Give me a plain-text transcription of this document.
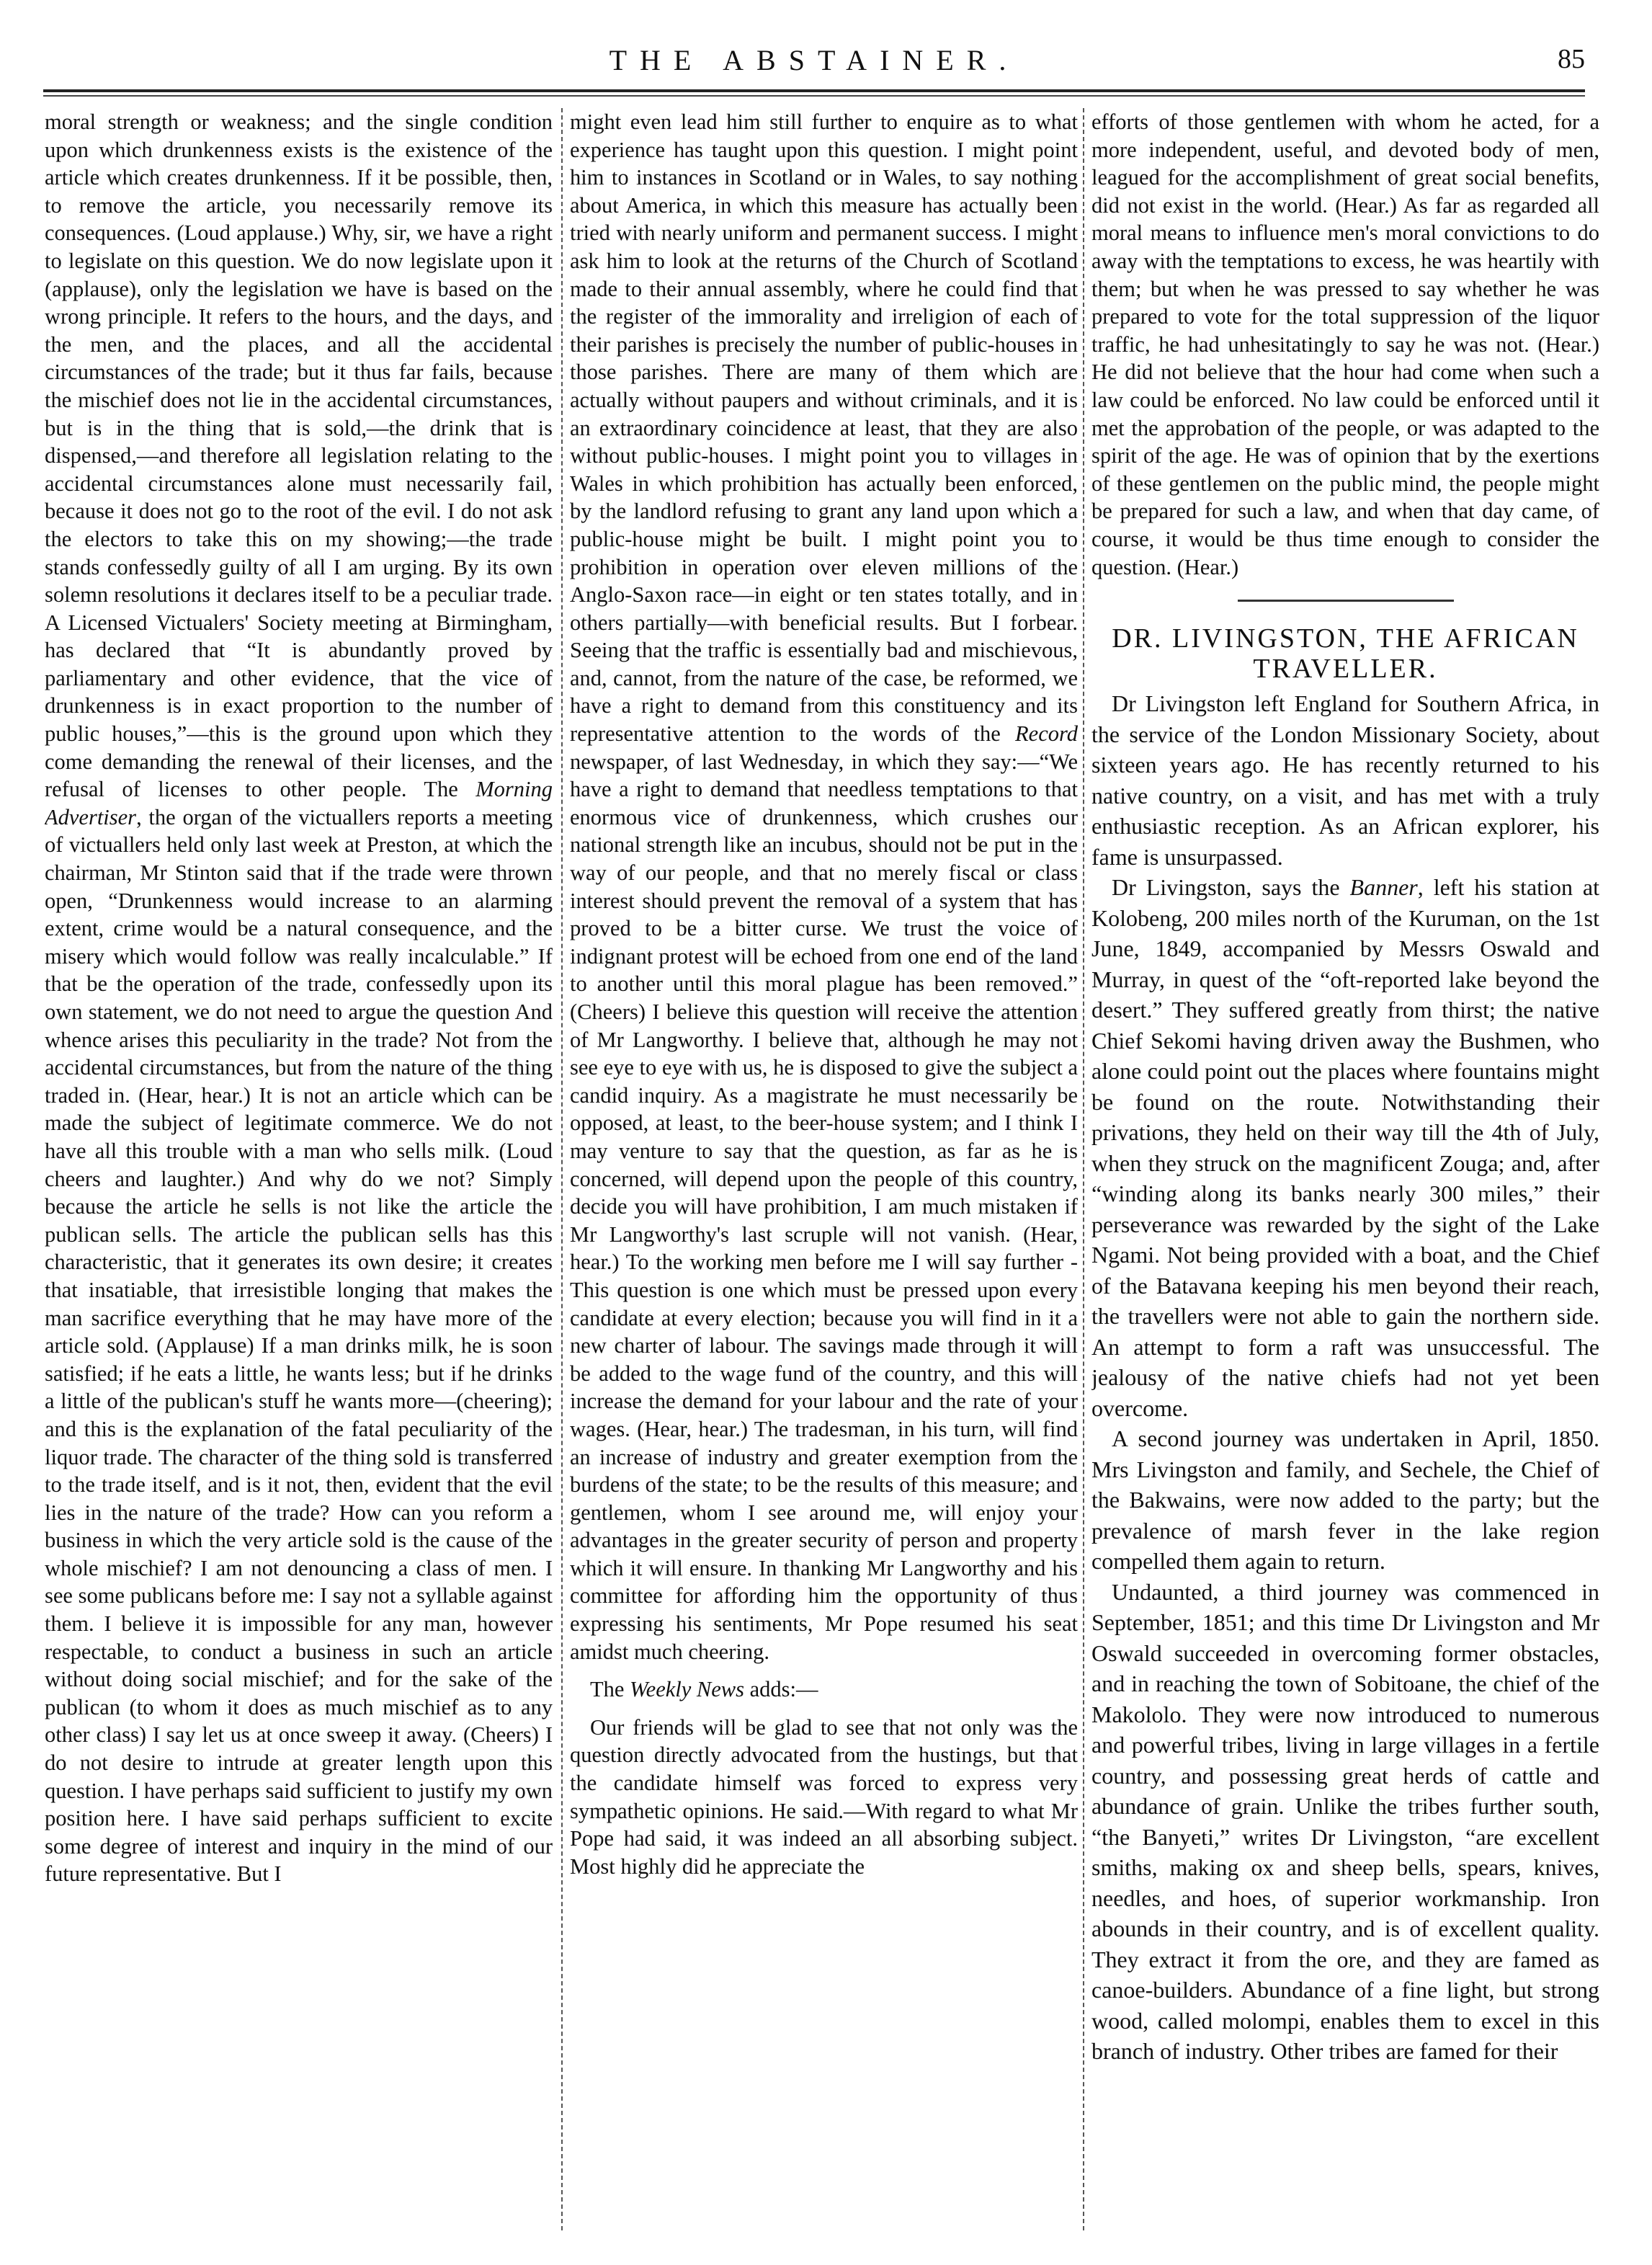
THE ABSTAINER.	85

moral strength or weakness; and the single condition upon which drunkenness exists is the existence of the article which creates drunkenness. If it be possible, then, to remove the article, you necessarily remove its consequences. (Loud applause.) Why, sir, we have a right to legislate on this question. We do now legislate upon it (applause), only the legislation we have is based on the wrong principle. It refers to the hours, and the days, and the men, and the places, and all the accidental circumstances of the trade; but it thus far fails, because the mischief does not lie in the accidental circumstances, but is in the thing that is sold,—the drink that is dispensed,—and therefore all legislation relating to the accidental circumstances alone must necessarily fail, because it does not go to the root of the evil. I do not ask the electors to take this on my showing;—the trade stands confessedly guilty of all I am urging. By its own solemn resolutions it declares itself to be a peculiar trade. A Licensed Victualers' Society meeting at Birmingham, has declared that “It is abundantly proved by parliamentary and other evidence, that the vice of drunkenness is in exact proportion to the number of public houses,”—this is the ground upon which they come demanding the renewal of their licenses, and the refusal of licenses to other people. The Morning Advertiser, the organ of the victuallers reports a meeting of victuallers held only last week at Preston, at which the chairman, Mr Stinton said that if the trade were thrown open, “Drunkenness would increase to an alarming extent, crime would be a natural consequence, and the misery which would follow was really incalculable.” If that be the operation of the trade, confessedly upon its own statement, we do not need to argue the question And whence arises this peculiarity in the trade? Not from the accidental circumstances, but from the nature of the thing traded in. (Hear, hear.) It is not an article which can be made the subject of legitimate commerce. We do not have all this trouble with a man who sells milk. (Loud cheers and laughter.) And why do we not? Simply because the article he sells is not like the article the publican sells. The article the publican sells has this characteristic, that it generates its own desire; it creates that insatiable, that irresistible longing that makes the man sacrifice everything that he may have more of the article sold. (Applause) If a man drinks milk, he is soon satisfied; if he eats a little, he wants less; but if he drinks a little of the publican's stuff he wants more—(cheering); and this is the explanation of the fatal peculiarity of the liquor trade. The character of the thing sold is transferred to the trade itself, and is it not, then, evident that the evil lies in the nature of the trade? How can you reform a business in which the very article sold is the cause of the whole mischief? I am not denouncing a class of men. I see some publicans before me: I say not a syllable against them. I believe it is impossible for any man, however respectable, to conduct a business in such an article without doing social mischief; and for the sake of the publican (to whom it does as much mischief as to any other class) I say let us at once sweep it away. (Cheers) I do not desire to intrude at greater length upon this question. I have perhaps said sufficient to justify my own position here. I have said perhaps sufficient to excite some degree of interest and inquiry in the mind of our future representative. But I

might even lead him still further to enquire as to what experience has taught upon this question. I might point him to instances in Scotland or in Wales, to say nothing about America, in which this measure has actually been tried with nearly uniform and permanent success. I might ask him to look at the returns of the Church of Scotland made to their annual assembly, where he could find that the register of the immorality and irreligion of each of their parishes is precisely the number of public-houses in those parishes. There are many of them which are actually without paupers and without criminals, and it is an extraordinary coincidence at least, that they are also without public-houses. I might point you to villages in Wales in which prohibition has actually been enforced, by the landlord refusing to grant any land upon which a public-house might be built. I might point you to prohibition in operation over eleven millions of the Anglo-Saxon race—in eight or ten states totally, and in others partially—with beneficial results. But I forbear. Seeing that the traffic is essentially bad and mischievous, and, cannot, from the nature of the case, be reformed, we have a right to demand from this constituency and its representative attention to the words of the Record newspaper, of last Wednesday, in which they say:—“We have a right to demand that needless temptations to that enormous vice of drunkenness, which crushes our national strength like an incubus, should not be put in the way of our people, and that no merely fiscal or class interest should prevent the removal of a system that has proved to be a bitter curse. We trust the voice of indignant protest will be echoed from one end of the land to another until this moral plague has been removed.” (Cheers) I believe this question will receive the attention of Mr Langworthy. I believe that, although he may not see eye to eye with us, he is disposed to give the subject a candid inquiry. As a magistrate he must necessarily be opposed, at least, to the beer-house system; and I think I may venture to say that the question, as far as he is concerned, will depend upon the people of this country, decide you will have prohibition, I am much mistaken if Mr Langworthy's last scruple will not vanish. (Hear, hear.) To the working men before me I will say further - This question is one which must be pressed upon every candidate at every election; because you will find in it a new charter of labour. The savings made through it will be added to the wage fund of the country, and this will increase the demand for your labour and the rate of your wages. (Hear, hear.) The tradesman, in his turn, will find an increase of industry and greater exemption from the burdens of the state; to be the results of this measure; and gentlemen, whom I see around me, will enjoy your advantages in the greater security of person and property which it will ensure. In thanking Mr Langworthy and his committee for affording him the opportunity of thus expressing his sentiments, Mr Pope resumed his seat amidst much cheering.

The Weekly News adds:—

Our friends will be glad to see that not only was the question directly advocated from the hustings, but that the candidate himself was forced to express very sympathetic opinions. He said.—With regard to what Mr Pope had said, it was indeed an all absorbing subject. Most highly did he appreciate the

efforts of those gentlemen with whom he acted, for a more independent, useful, and devoted body of men, leagued for the accomplishment of great social benefits, did not exist in the world. (Hear.) As far as regarded all moral means to influence men's moral convictions to do away with the temptations to excess, he was heartily with them; but when he was pressed to say whether he was prepared to vote for the total suppression of the liquor traffic, he had unhesitatingly to say he was not. (Hear.) He did not believe that the hour had come when such a law could be enforced. No law could be enforced until it met the approbation of the people, or was adapted to the spirit of the age. He was of opinion that by the exertions of these gentlemen on the public mind, the people might be prepared for such a law, and when that day came, of course, it would be thus time enough to consider the question. (Hear.)

DR. LIVINGSTON, THE AFRICAN TRAVELLER.

Dr Livingston left England for Southern Africa, in the service of the London Missionary Society, about sixteen years ago. He has recently returned to his native country, on a visit, and has met with a truly enthusiastic reception. As an African explorer, his fame is unsurpassed.

Dr Livingston, says the Banner, left his station at Kolobeng, 200 miles north of the Kuruman, on the 1st June, 1849, accompanied by Messrs Oswald and Murray, in quest of the “oft-reported lake beyond the desert.” They suffered greatly from thirst; the native Chief Sekomi having driven away the Bushmen, who alone could point out the places where fountains might be found on the route. Notwithstanding their privations, they held on their way till the 4th of July, when they struck on the magnificent Zouga; and, after “winding along its banks nearly 300 miles,” their perseverance was rewarded by the sight of the Lake Ngami. Not being provided with a boat, and the Chief of the Batavana keeping his men beyond their reach, the travellers were not able to gain the northern side. An attempt to form a raft was unsuccessful. The jealousy of the native chiefs had not yet been overcome.

A second journey was undertaken in April, 1850. Mrs Livingston and family, and Sechele, the Chief of the Bakwains, were now added to the party; but the prevalence of marsh fever in the lake region compelled them again to return.

Undaunted, a third journey was commenced in September, 1851; and this time Dr Livingston and Mr Oswald succeeded in overcoming former obstacles, and in reaching the town of Sobitoane, the chief of the Makololo. They were now introduced to numerous and powerful tribes, living in large villages in a fertile country, and possessing great herds of cattle and abundance of grain. Unlike the tribes further south, “the Banyeti,” writes Dr Livingston, “are excellent smiths, making ox and sheep bells, spears, knives, needles, and hoes, of superior workmanship. Iron abounds in their country, and is of excellent quality. They extract it from the ore, and they are famed as canoe-builders. Abundance of a fine light, but strong wood, called molompi, enables them to excel in this branch of industry. Other tribes are famed for their
